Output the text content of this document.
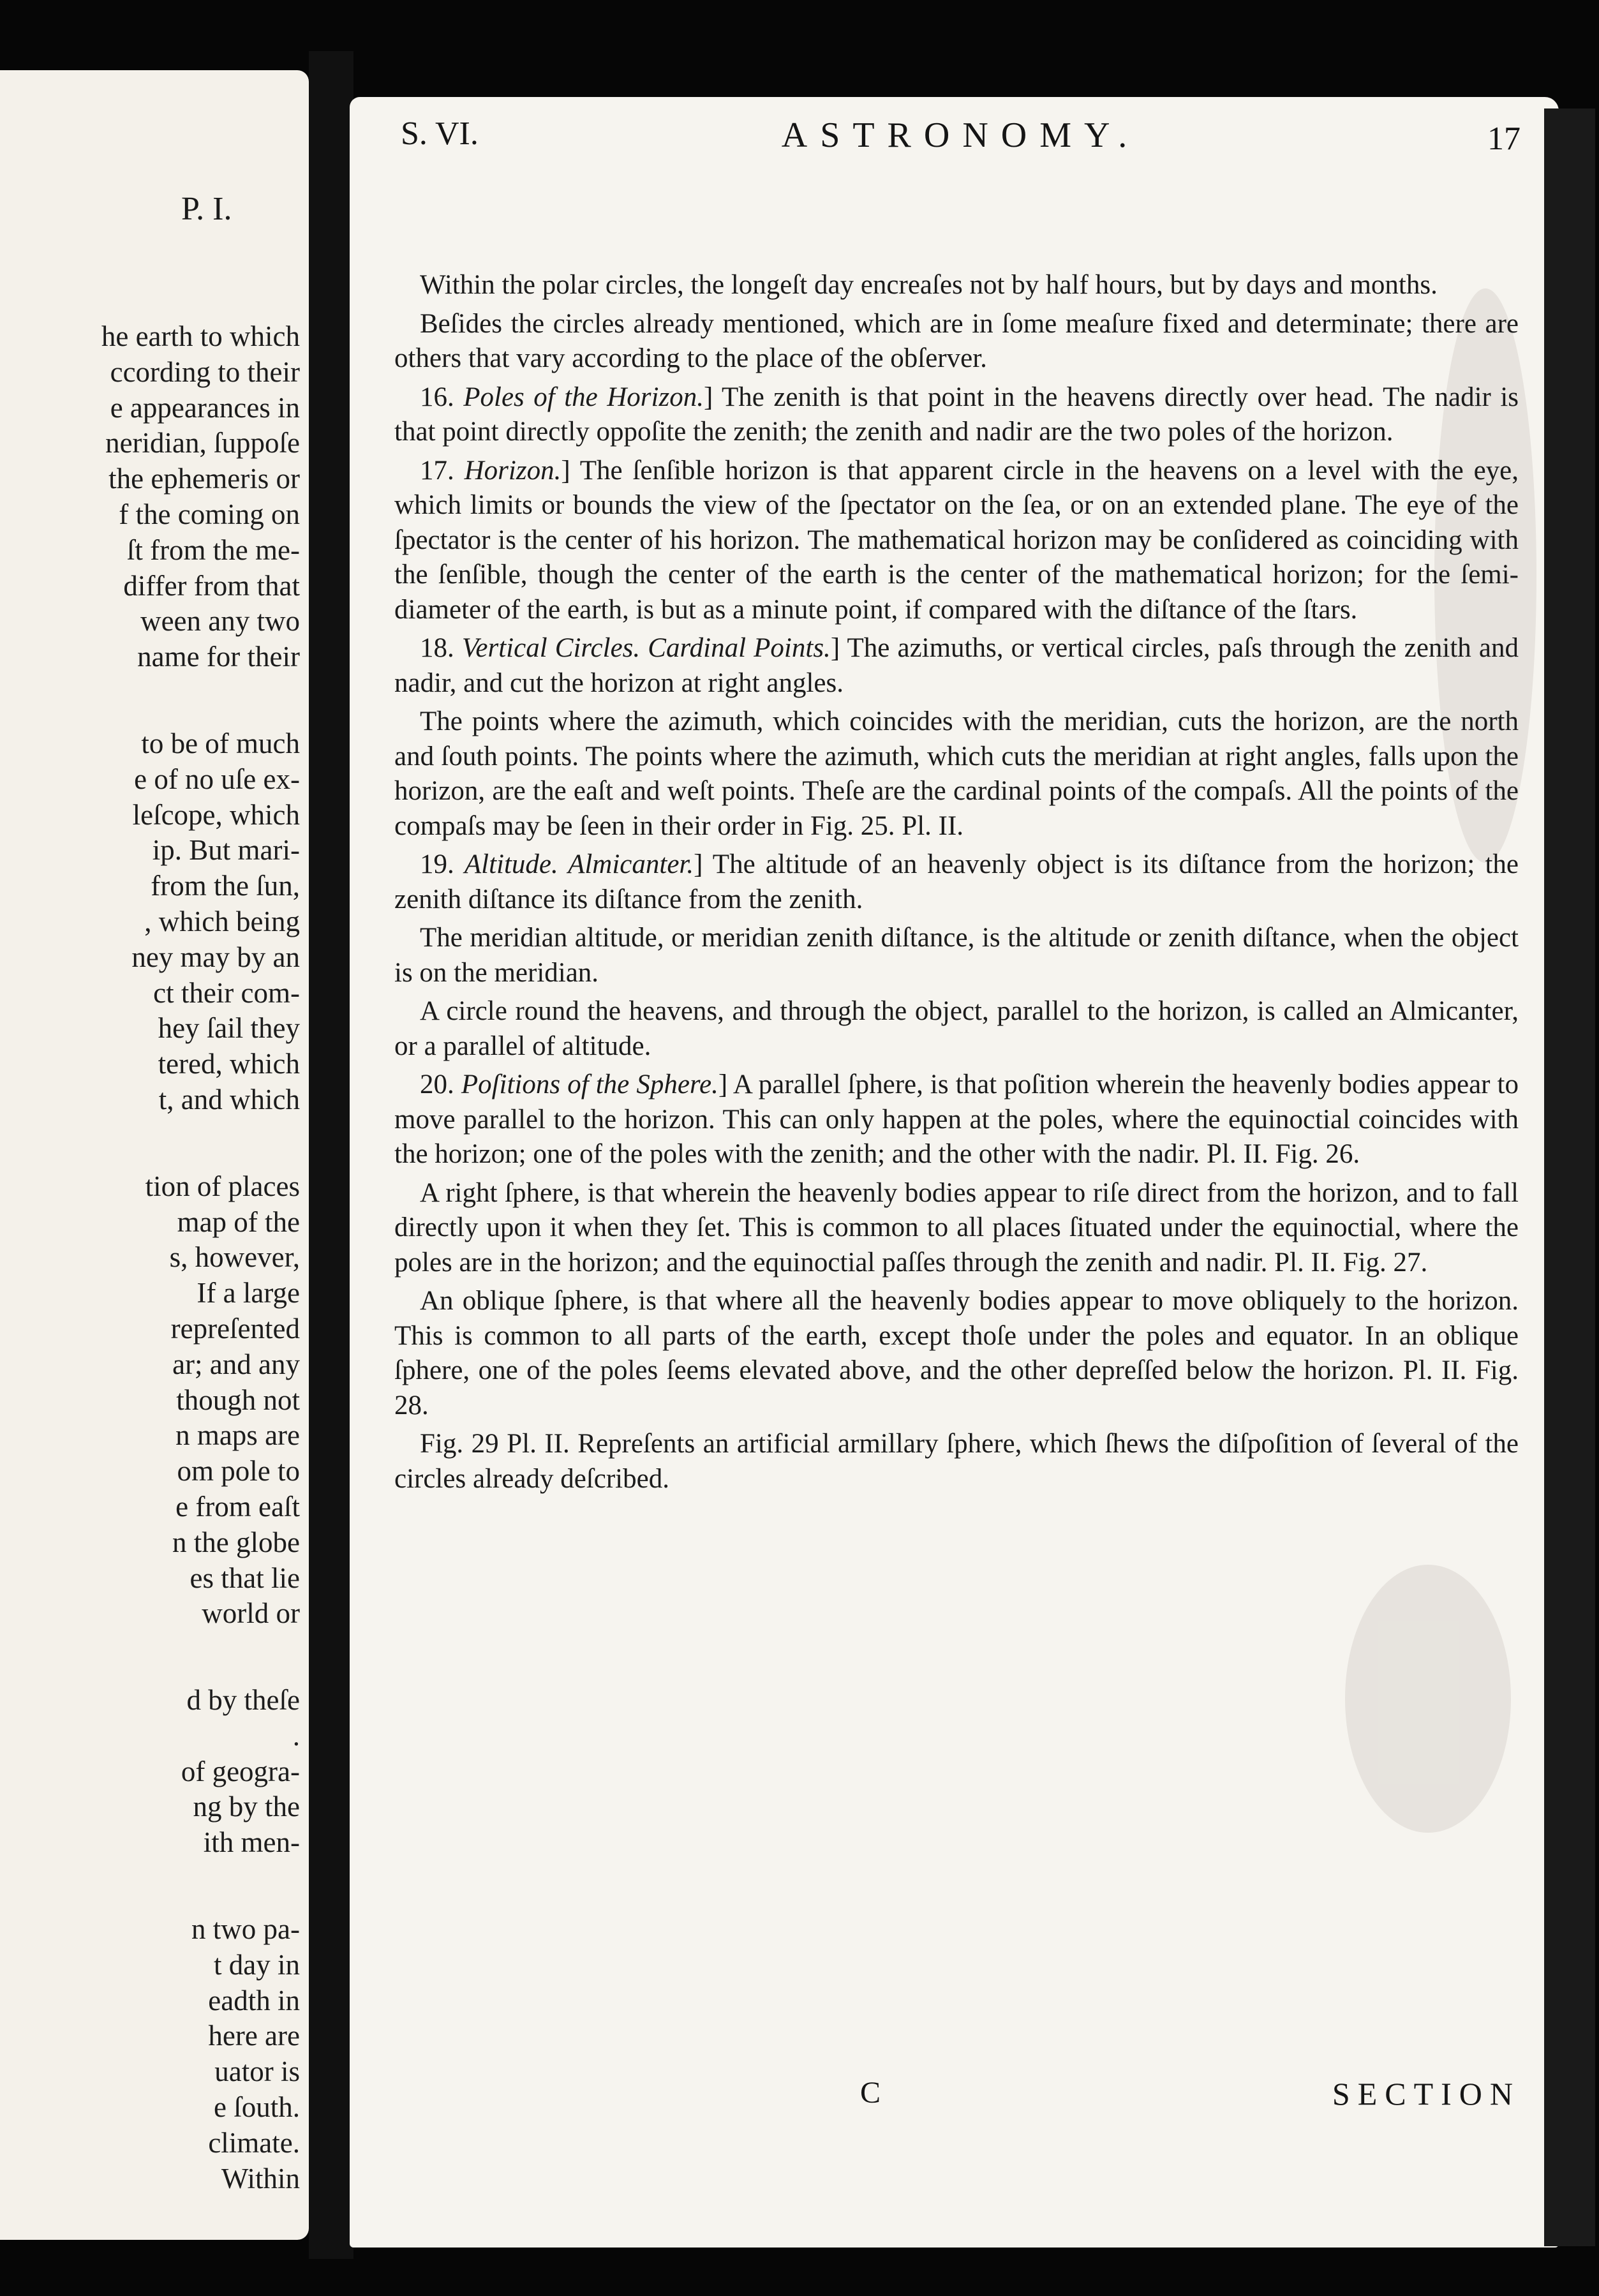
P. I.
he earth to which
ccording to their
e appearances in
neridian, ſuppoſe
the ephemeris or
f the coming on
ſt from the me-
differ from that
ween any two
name for their
to be of much
e of no uſe ex-
leſcope, which
ip. But mari-
from the ſun,
, which being
ney may by an
ct their com-
hey ſail they
tered, which
t, and which
tion of places
map of the
s, however,
If a large
repreſented
ar; and any
though not
n maps are
om pole to
e from eaſt
n the globe
es that lie
world or
d by theſe
.
of geogra-
ng by the
ith men-
n two pa-
t day in
eadth in
here are
uator is
e ſouth.
climate.
Within
S. VI.	ASTRONOMY.	17

Within the polar circles, the longeſt day encreaſes not by half hours, but by days and months.

Beſides the circles already mentioned, which are in ſome meaſure fixed and determinate; there are others that vary according to the place of the obſerver.

16. Poles of the Horizon.] The zenith is that point in the heavens directly over head. The nadir is that point directly oppoſite the zenith; the zenith and nadir are the two poles of the horizon.

17. Horizon.] The ſenſible horizon is that apparent circle in the heavens on a level with the eye, which limits or bounds the view of the ſpectator on the ſea, or on an extended plane. The eye of the ſpectator is the center of his horizon. The mathematical horizon may be conſidered as coinciding with the ſenſible, though the center of the earth is the center of the mathematical horizon; for the ſemi-diameter of the earth, is but as a minute point, if compared with the diſtance of the ſtars.

18. Vertical Circles. Cardinal Points.] The azimuths, or vertical circles, paſs through the zenith and nadir, and cut the horizon at right angles.

The points where the azimuth, which coincides with the meridian, cuts the horizon, are the north and ſouth points. The points where the azimuth, which cuts the meridian at right angles, falls upon the horizon, are the eaſt and weſt points. Theſe are the cardinal points of the compaſs. All the points of the compaſs may be ſeen in their order in Fig. 25. Pl. II.

19. Altitude. Almicanter.] The altitude of an heavenly object is its diſtance from the horizon; the zenith diſtance its diſtance from the zenith.

The meridian altitude, or meridian zenith diſtance, is the altitude or zenith diſtance, when the object is on the meridian.

A circle round the heavens, and through the object, parallel to the horizon, is called an Almicanter, or a parallel of altitude.

20. Poſitions of the Sphere.] A parallel ſphere, is that poſition wherein the heavenly bodies appear to move parallel to the horizon. This can only happen at the poles, where the equinoctial coincides with the horizon; one of the poles with the zenith; and the other with the nadir. Pl. II. Fig. 26.

A right ſphere, is that wherein the heavenly bodies appear to riſe direct from the horizon, and to fall directly upon it when they ſet. This is common to all places ſituated under the equinoctial, where the poles are in the horizon; and the equinoctial paſſes through the zenith and nadir. Pl. II. Fig. 27.

An oblique ſphere, is that where all the heavenly bodies appear to move obliquely to the horizon. This is common to all parts of the earth, except thoſe under the poles and equator. In an oblique ſphere, one of the poles ſeems elevated above, and the other depreſſed below the horizon. Pl. II. Fig. 28.

Fig. 29 Pl. II. Repreſents an artificial armillary ſphere, which ſhews the diſpoſition of ſeveral of the circles already deſcribed.

C	SECTION
